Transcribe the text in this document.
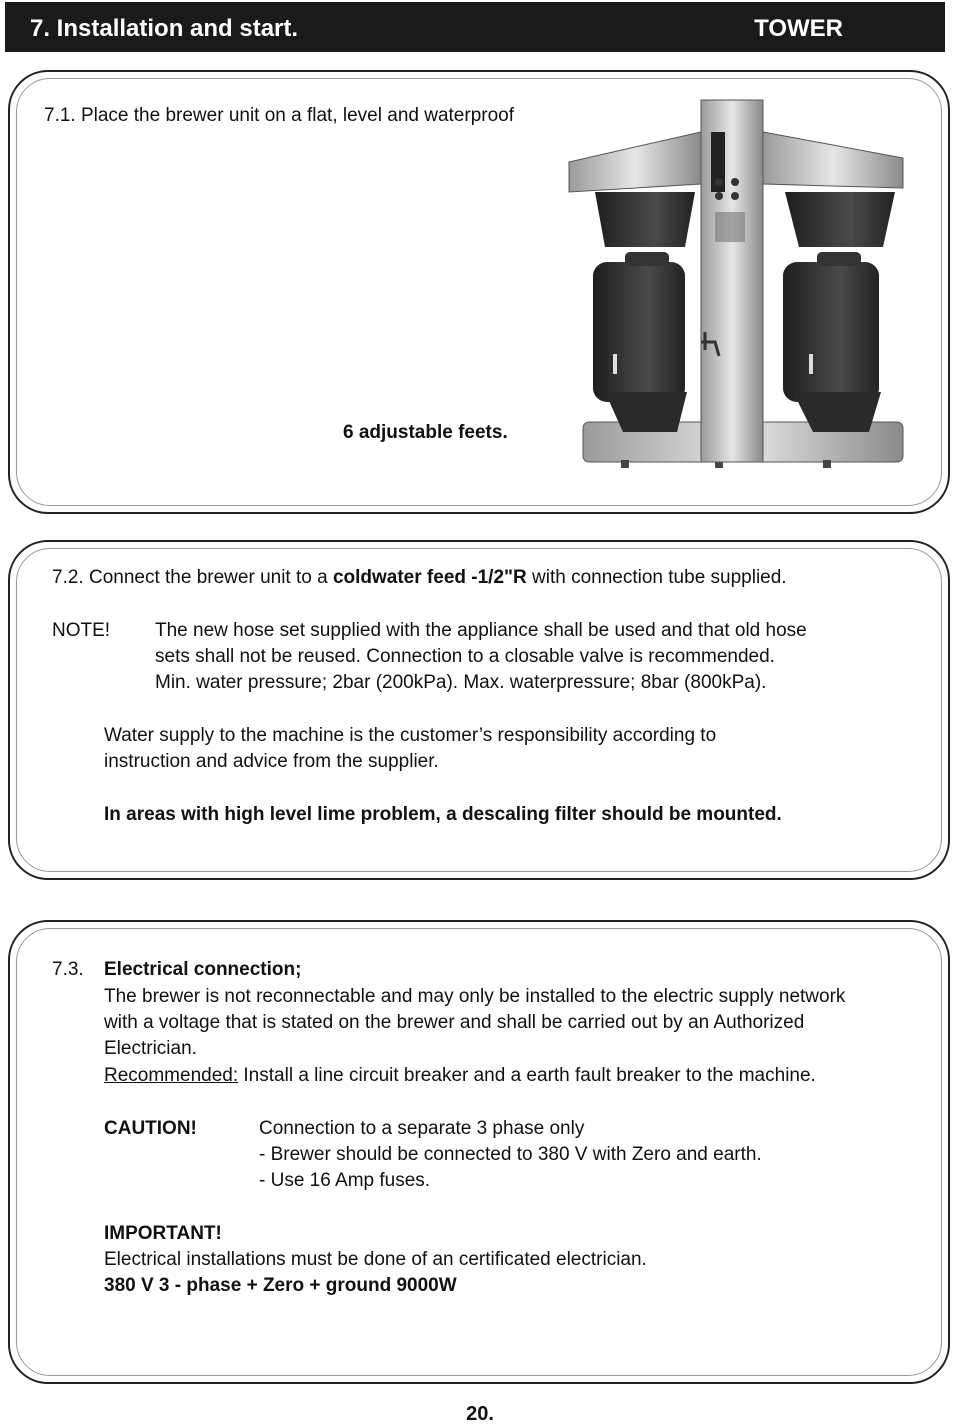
7. Installation and start.	TOWER
7.1. Place the brewer unit on a flat, level and waterproof
6 adjustable feets.
7.2. Connect the brewer unit to a coldwater feed -1/2"R with connection tube supplied.
NOTE! The new hose set supplied with the appliance shall be used and that old hose
sets shall not be reused. Connection to a closable valve is recommended.
Min. water pressure; 2bar (200kPa). Max. waterpressure; 8bar (800kPa).
Water supply to the machine is the customer’s responsibility according to
instruction and advice from the supplier.
In areas with high level lime problem, a descaling filter should be mounted.
7.3. Electrical connection;
The brewer is not reconnectable and may only be installed to the electric supply network
with a voltage that is stated on the brewer and shall be carried out by an Authorized
Electrician.
Recommended: Install a line circuit breaker and a earth fault breaker to the machine.
CAUTION!	Connection to a separate 3 phase only
- Brewer should be connected to 380 V with Zero and earth.
- Use 16 Amp fuses.
IMPORTANT!
Electrical installations must be done of an certificated electrician.
380 V 3 - phase + Zero + ground 9000W
20.
